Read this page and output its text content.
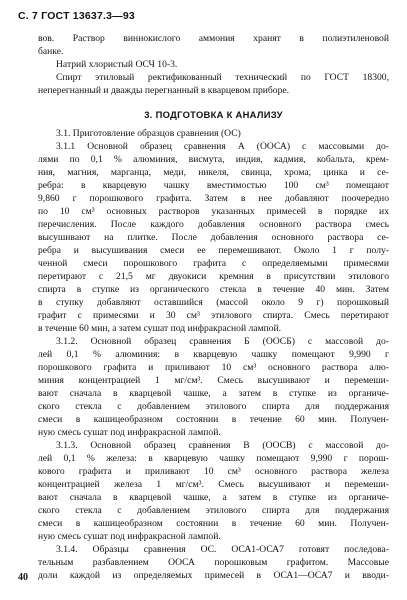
С. 7 ГОСТ 13637.3—93
вов. Раствор виннокислого аммония хранят в полиэтиленовой
банке.
Натрий хлористый ОСЧ 10-3.
Спирт этиловый ректификованный технический по ГОСТ 18300,
неперегнанный и дважды перегнанный в кварцевом приборе.
3. ПОДГОТОВКА К АНАЛИЗУ
3.1. Приготовление образцов сравнения (ОС)
3.1.1 Основной образец сравнения А (ООСА) с массовыми до-
лями по 0,1 % алюминия, висмута, индия, кадмия, кобальта, крем-
ния, магния, марганца, меди, никеля, свинца, хрома, цинка и се-
ребра: в кварцевую чашку вместимостью 100 см³ помещают
9,860 г порошкового графита. Затем в нее добавляют поочередно
по 10 см³ основных растворов указанных примесей в порядке их
перечисления. После каждого добавления основного раствора смесь
высушивают на плитке. После добавления основного раствора се-
ребра и высушивания смеси ее перемешивают. Около 1 г полу-
ченной смеси порошкового графита с определяемыми примесями
перетирают с 21,5 мг двуокиси кремния в присутствии этилового
спирта в ступке из органического стекла в течение 40 мин. Затем
в ступку добавляют оставшийся (массой около 9 г) порошковый
графит с примесями и 30 см³ этилового спирта. Смесь перетирают
в течение 60 мин, а затем сушат под инфракрасной лампой.
3.1.2. Основной образец сравнения Б (ООСБ) с массовой до-
лей 0,1 % алюминия: в кварцевую чашку помещают 9,990 г
порошкового графита и приливают 10 см³ основного раствора алю-
миния концентрацией 1 мг/см³. Смесь высушивают и перемеши-
вают сначала в кварцевой чашке, а затем в ступке из органиче-
ского стекла с добавлением этилового спирта для поддержания
смеси в кашицеобразном состоянии в течение 60 мин. Получен-
ную смесь сушат под инфракрасной лампой.
3.1.3. Основной образец сравнения В (ООСВ) с массовой до-
лей 0,1 % железа: в кварцевую чашку помещают 9,990 г порош-
кового графита и приливают 10 см³ основного раствора железа
концентрацией железа 1 мг/см³. Смесь высушивают и перемеши-
вают сначала в кварцевой чашке, а затем в ступке из органиче-
ского стекла с добавлением этилового спирта для поддержания
смеси в кашицеобразном состоянии в течение 60 мин. Получен-
ную смесь сушат под инфракрасной лампой.
3.1.4. Образцы сравнения ОС. ОСА1-ОСА7 готовят последова-
тельным разбавлением ООСА порошковым графитом. Массовые
доли каждой из определяемых примесей в ОСА1—ОСА7 и вводи-
40
